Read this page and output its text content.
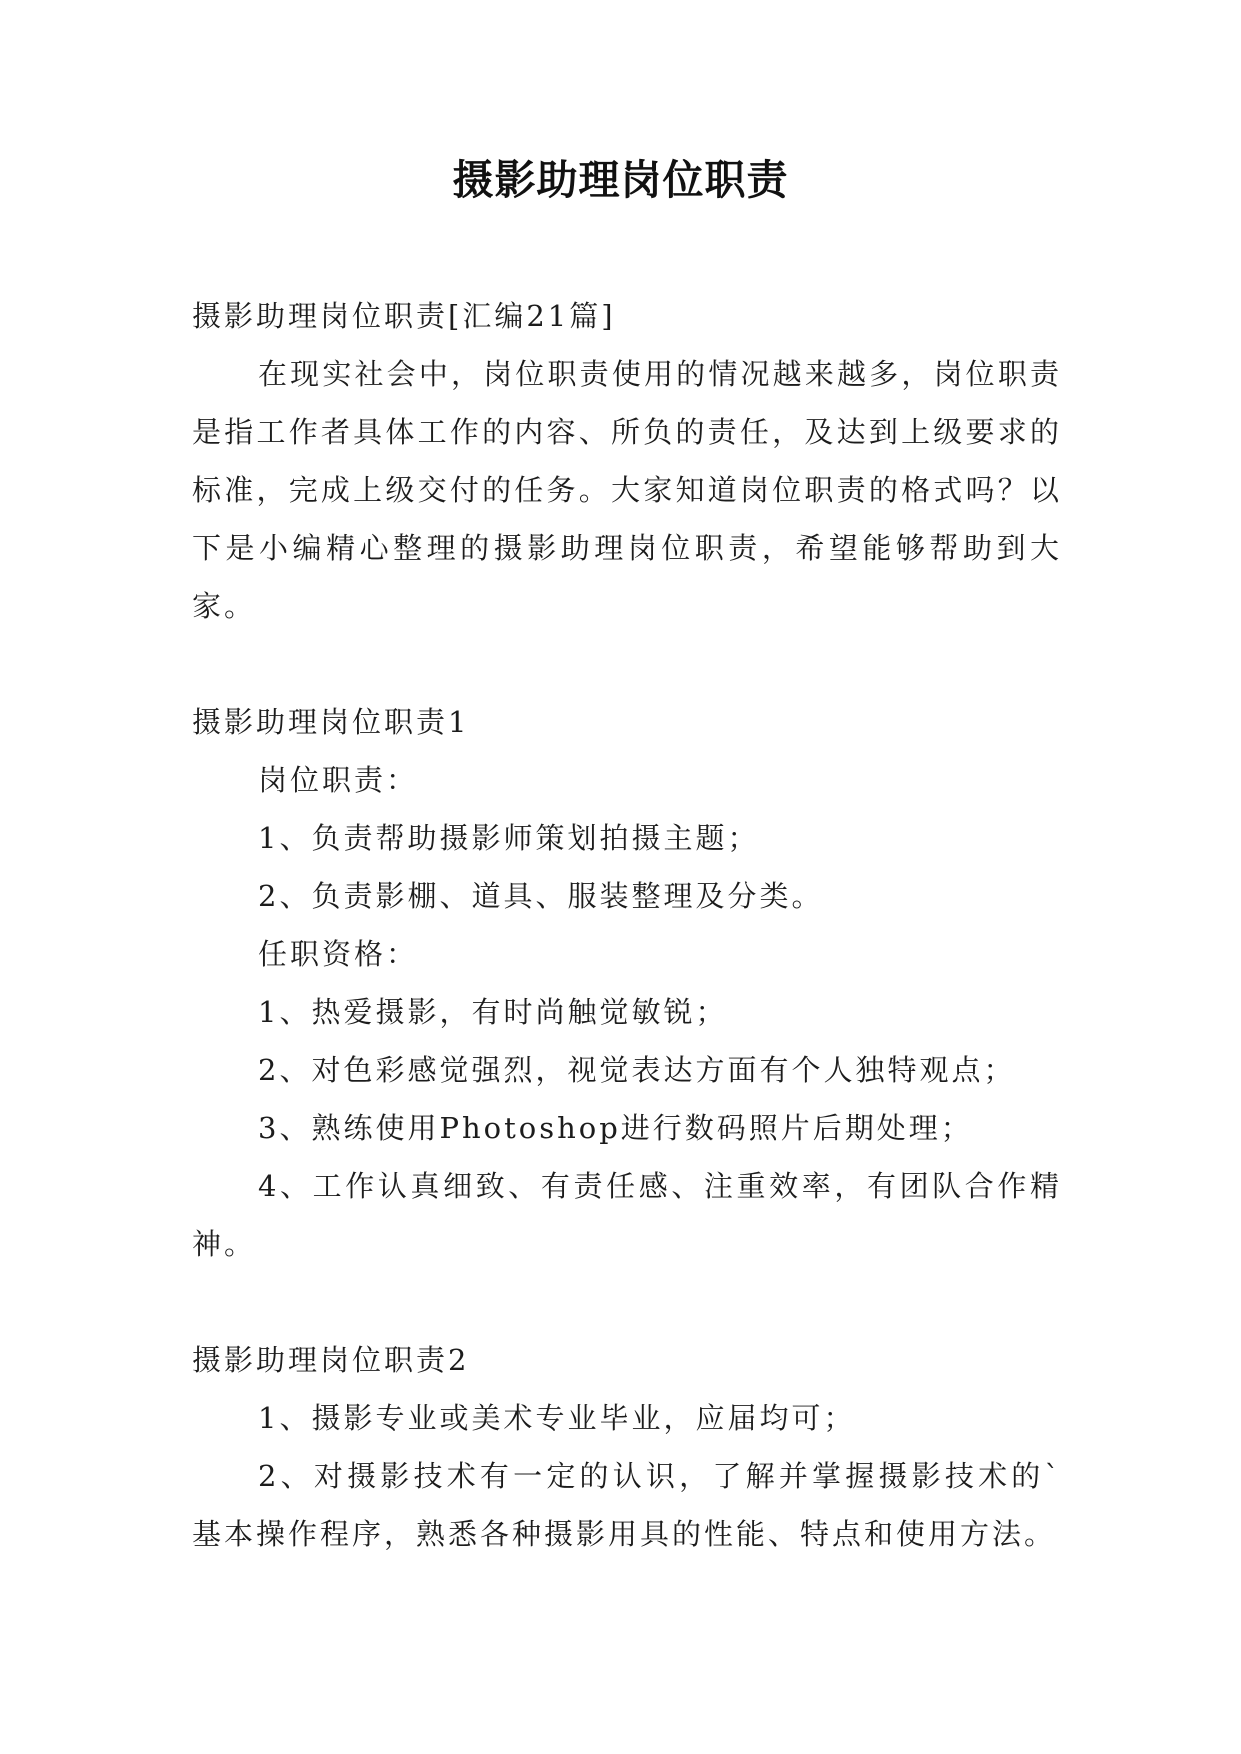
摄影助理岗位职责

摄影助理岗位职责[汇编21篇]

在现实社会中，岗位职责使用的情况越来越多，岗位职责是指工作者具体工作的内容、所负的责任，及达到上级要求的标准，完成上级交付的任务。大家知道岗位职责的格式吗？以下是小编精心整理的摄影助理岗位职责，希望能够帮助到大家。

摄影助理岗位职责1

岗位职责：

1、负责帮助摄影师策划拍摄主题；

2、负责影棚、道具、服装整理及分类。

任职资格：

1、热爱摄影，有时尚触觉敏锐；

2、对色彩感觉强烈，视觉表达方面有个人独特观点；

3、熟练使用Photoshop进行数码照片后期处理；

4、工作认真细致、有责任感、注重效率，有团队合作精神。

摄影助理岗位职责2

1、摄影专业或美术专业毕业，应届均可；

2、对摄影技术有一定的认识，了解并掌握摄影技术的`基本操作程序，熟悉各种摄影用具的性能、特点和使用方法。
